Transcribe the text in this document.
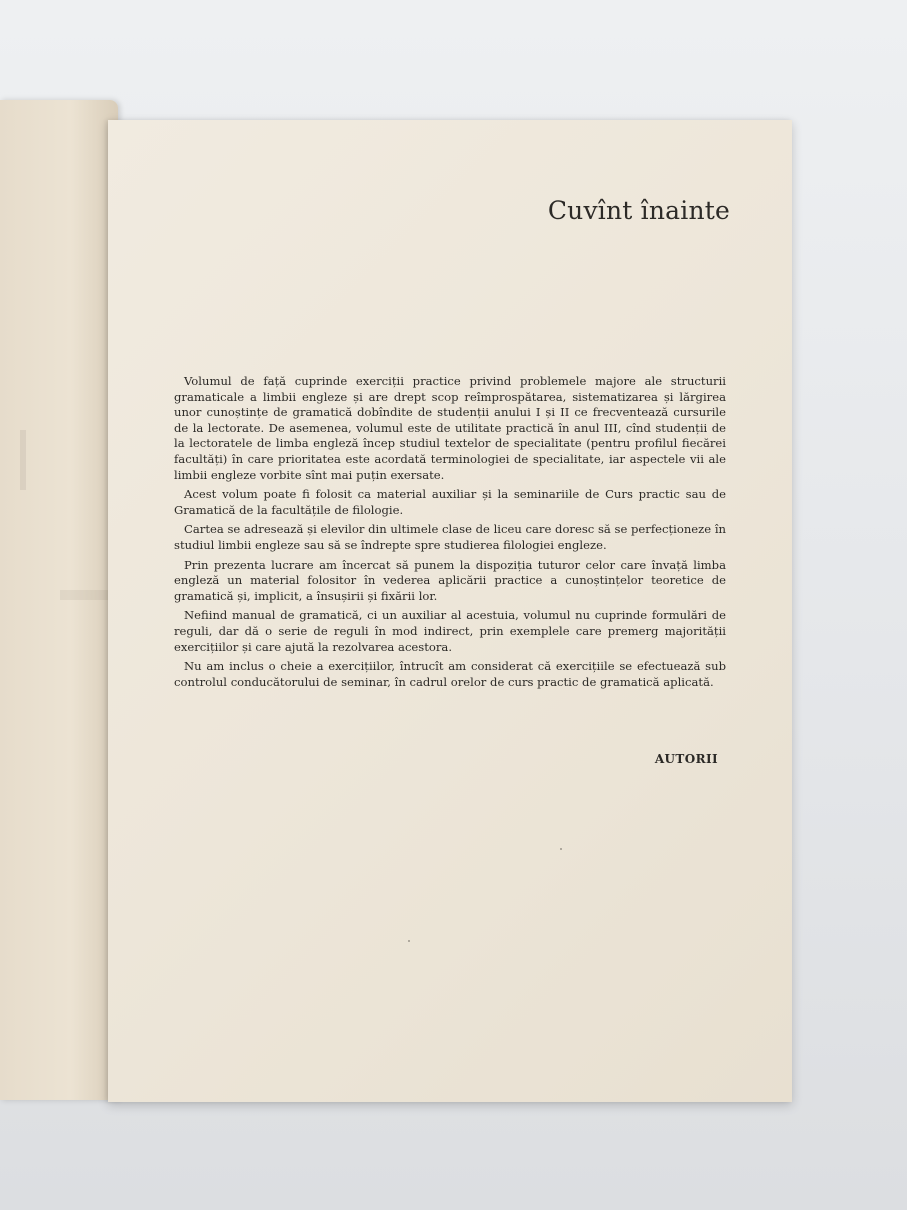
Cuvînt înainte

Volumul de față cuprinde exerciții practice privind problemele majore ale structurii gramaticale a limbii engleze și are drept scop reîmprospătarea, sistematizarea și lărgirea unor cunoștințe de gramatică dobîndite de studenții anului I și II ce frecventează cursurile de la lectorate. De asemenea, volumul este de utilitate practică în anul III, cînd studenții de la lectoratele de limba engleză încep studiul textelor de specialitate (pentru profilul fiecărei facultăți) în care prioritatea este acordată terminologiei de specialitate, iar aspectele vii ale limbii engleze vorbite sînt mai puțin exersate.

Acest volum poate fi folosit ca material auxiliar și la seminariile de Curs practic sau de Gramatică de la facultățile de filologie.

Cartea se adresează și elevilor din ultimele clase de liceu care doresc să se perfecționeze în studiul limbii engleze sau să se îndrepte spre studierea filologiei engleze.

Prin prezenta lucrare am încercat să punem la dispoziția tuturor celor care învață limba engleză un material folositor în vederea aplicării practice a cunoștințelor teoretice de gramatică și, implicit, a însușirii și fixării lor.

Nefiind manual de gramatică, ci un auxiliar al acestuia, volumul nu cuprinde formulări de reguli, dar dă o serie de reguli în mod indirect, prin exemplele care premerg majorității exercițiilor și care ajută la rezolvarea acestora.

Nu am inclus o cheie a exercițiilor, întrucît am considerat că exercițiile se efectuează sub controlul conducătorului de seminar, în cadrul orelor de curs practic de gramatică aplicată.

AUTORII
